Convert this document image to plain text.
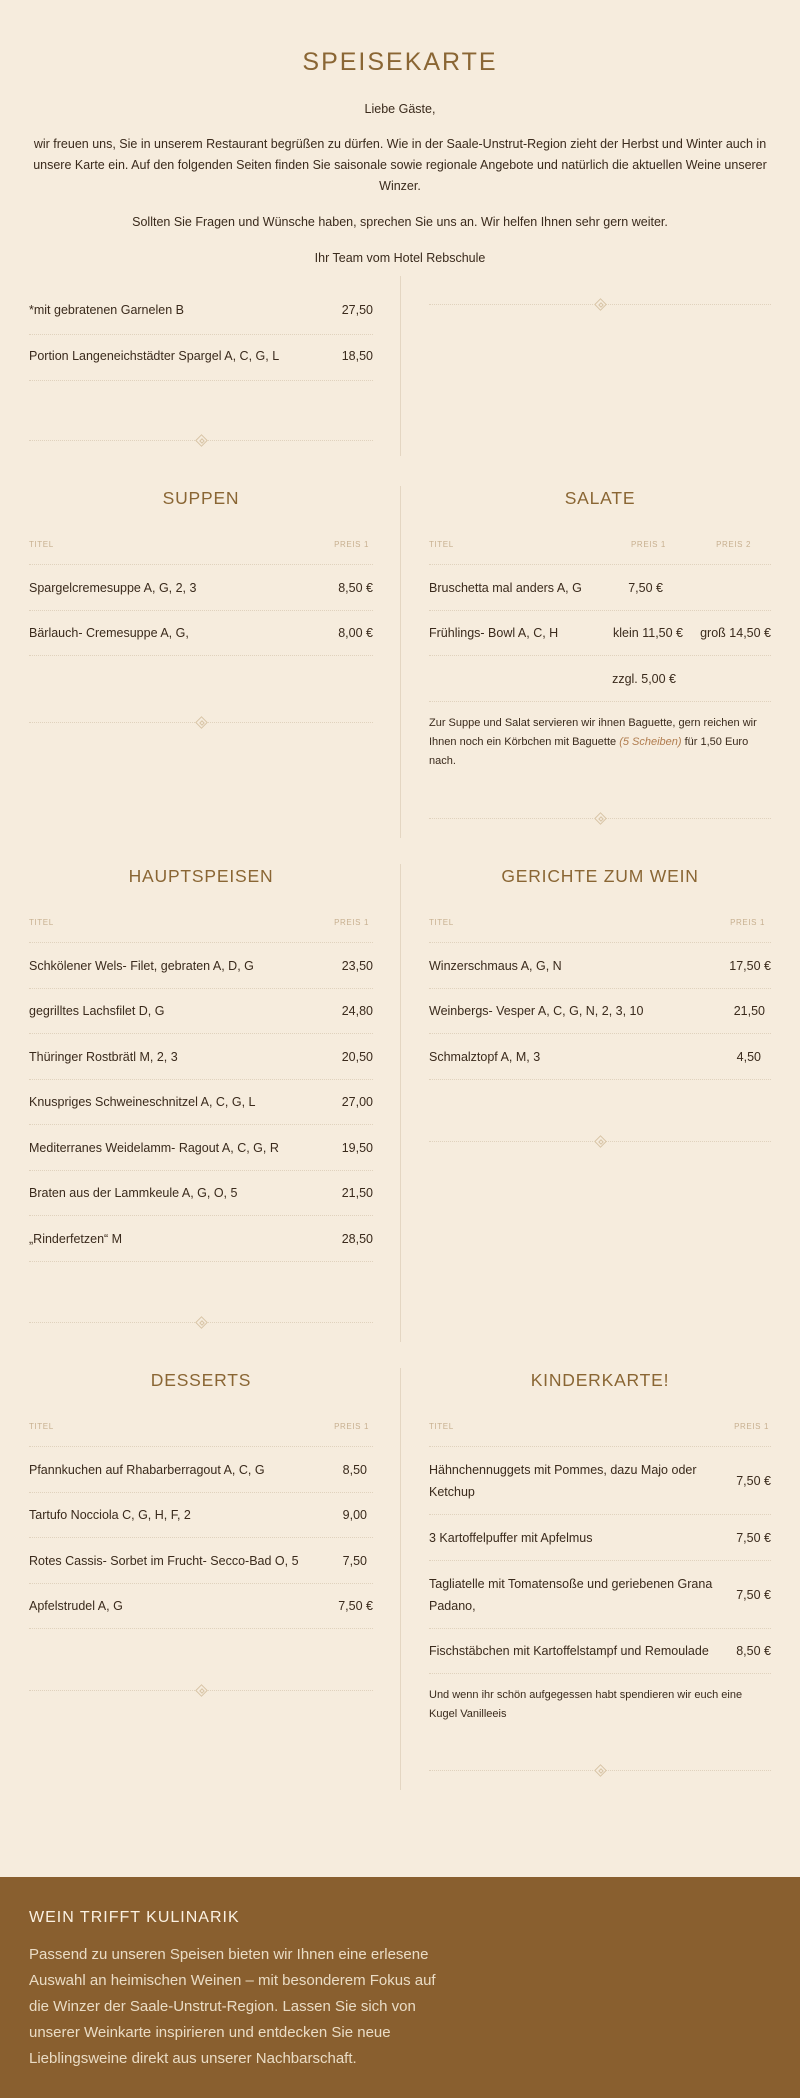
SPEISEKARTE

Liebe Gäste,

wir freuen uns, Sie in unserem Restaurant begrüßen zu dürfen. Wie in der Saale-Unstrut-Region zieht der Herbst und Winter auch in unsere Karte ein. Auf den folgenden Seiten finden Sie saisonale sowie regionale Angebote und natürlich die aktuellen Weine unserer Winzer.

Sollten Sie Fragen und Wünsche haben, sprechen Sie uns an. Wir helfen Ihnen sehr gern weiter.

Ihr Team vom Hotel Rebschule

*mit gebratenen Garnelen B	27,50
Portion Langeneichstädter Spargel A, C, G, L	18,50
SUPPEN
TITEL	PREIS 1
Spargelcremesuppe A, G, 2, 3	8,50 €
Bärlauch- Cremesuppe A, G,	8,00 €
SALATE
TITEL	PREIS 1	PREIS 2
Bruschetta mal anders A, G	7,50 €
Frühlings- Bowl A, C, H	klein 11,50 € groß 14,50 €
zzgl. 5,00 €
Zur Suppe und Salat servieren wir ihnen Baguette, gern reichen wir Ihnen noch ein Körbchen mit Baguette (5 Scheiben) für 1,50 Euro nach.
HAUPTSPEISEN
TITEL	PREIS 1
Schkölener Wels- Filet, gebraten A, D, G	23,50
gegrilltes Lachsfilet D, G	24,80
Thüringer Rostbrätl M, 2, 3	20,50
Knuspriges Schweineschnitzel A, C, G, L	27,00
Mediterranes Weidelamm- Ragout A, C, G, R	19,50
Braten aus der Lammkeule A, G, O, 5	21,50
„Rinderfetzen“ M	28,50
GERICHTE ZUM WEIN
TITEL	PREIS 1
Winzerschmaus A, G, N	17,50 €
Weinbergs- Vesper A, C, G, N, 2, 3, 10	21,50
Schmalztopf A, M, 3	4,50
DESSERTS
TITEL	PREIS 1
Pfannkuchen auf Rhabarberragout A, C, G	8,50
Tartufo Nocciola C, G, H, F, 2	9,00
Rotes Cassis- Sorbet im Frucht- Secco-Bad O, 5	7,50
Apfelstrudel A, G	7,50 €
KINDERKARTE!
TITEL	PREIS 1
Hähnchennuggets mit Pommes, dazu Majo oder Ketchup
7,50 €
3 Kartoffelpuffer mit Apfelmus	7,50 €
Tagliatelle mit Tomatensoße und geriebenen Grana Padano,
7,50 €
Fischstäbchen mit Kartoffelstampf und Remoulade 8,50 €
Und wenn ihr schön aufgegessen habt spendieren wir euch eine Kugel Vanilleeis
WEIN TRIFFT KULINARIK

Passend zu unseren Speisen bieten wir Ihnen eine erlesene Auswahl an heimischen Weinen – mit besonderem Fokus auf die Winzer der Saale-Unstrut-Region. Lassen Sie sich von unserer Weinkarte inspirieren und entdecken Sie neue Lieblingsweine direkt aus unserer Nachbarschaft.
